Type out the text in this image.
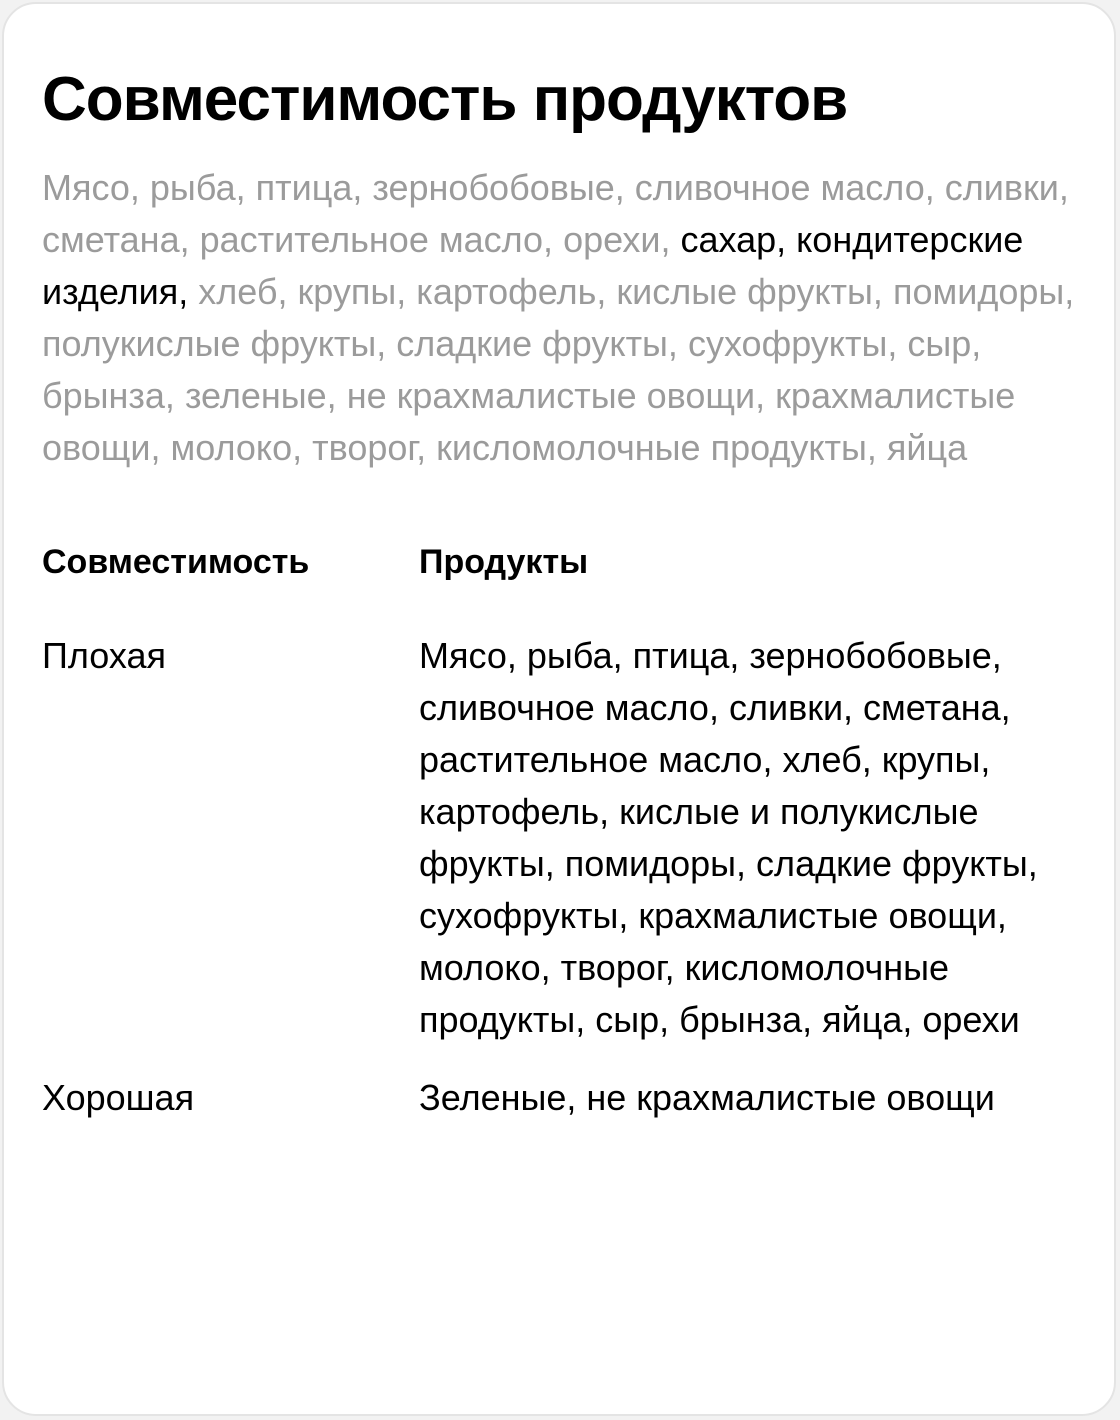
Совместимость продуктов
Мясо, рыба, птица, зернобобовые, сливочное масло, сливки, сметана, растительное масло, орехи, сахар, кондитерские изделия, хлеб, крупы, картофель, кислые фрукты, помидоры, полукислые фрукты, сладкие фрукты, сухофрукты, сыр, брынза, зеленые, не крахмалистые овощи, крахмалистые овощи, молоко, творог, кисломолочные продукты, яйца
Совместимость	Продукты
Плохая	Мясо, рыба, птица, зернобобовые, сливочное масло, сливки, сметана, растительное масло, хлеб, крупы, картофель, кислые и полукислые фрукты, помидоры, сладкие фрукты, сухофрукты, крахмалистые овощи, молоко, творог, кисломолочные продукты, сыр, брынза, яйца, орехи
Хорошая	Зеленые, не крахмалистые овощи
